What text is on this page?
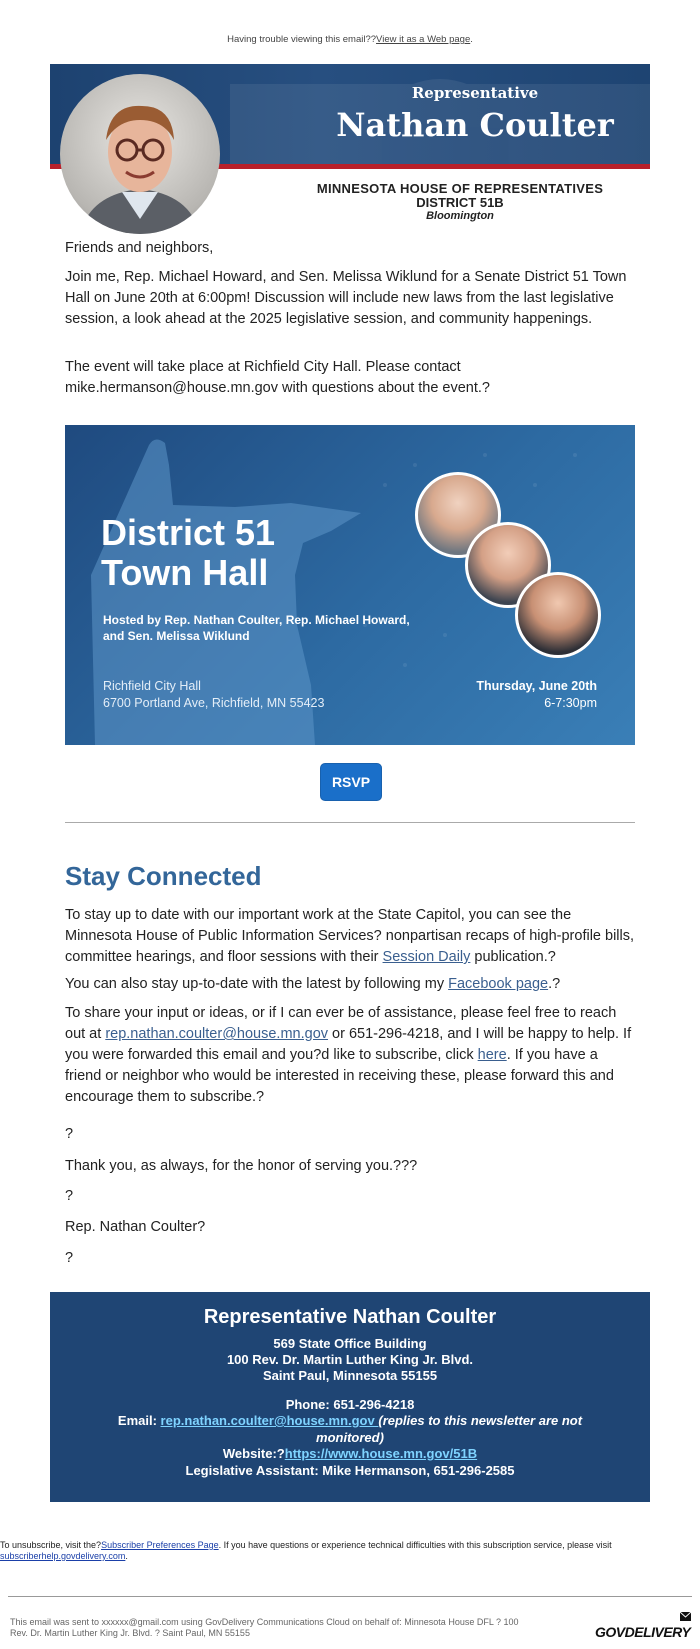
Having trouble viewing this email??View it as a Web page.
Representative
Nathan Coulter
MINNESOTA HOUSE OF REPRESENTATIVES
DISTRICT 51B
Bloomington

Friends and neighbors,

Join me, Rep. Michael Howard, and Sen. Melissa Wiklund for a Senate District 51 Town Hall on June 20th at 6:00pm! Discussion will include new laws from the last legislative session, a look ahead at the 2025 legislative session, and community happenings.

The event will take place at Richfield City Hall. Please contact mike.hermanson@house.mn.gov with questions about the event.?

District 51
Town Hall
Hosted by Rep. Nathan Coulter, Rep. Michael Howard,
and Sen. Melissa Wiklund
Richfield City Hall
6700 Portland Ave, Richfield, MN 55423
Thursday, June 20th
6-7:30pm
RSVP
Stay Connected

To stay up to date with our important work at the State Capitol, you can see the Minnesota House of Public Information Services? nonpartisan recaps of high-profile bills, committee hearings, and floor sessions with their Session Daily publication.?

You can also stay up-to-date with the latest by following my Facebook page.?

To share your input or ideas, or if I can ever be of assistance, please feel free to reach out at rep.nathan.coulter@house.mn.gov or 651-296-4218, and I will be happy to help. If you were forwarded this email and you?d like to subscribe, click here. If you have a friend or neighbor who would be interested in receiving these, please forward this and encourage them to subscribe.?

?
Thank you, as always, for the honor of serving you.???
?
Rep. Nathan Coulter?
?
Representative Nathan Coulter
569 State Office Building
100 Rev. Dr. Martin Luther King Jr. Blvd.
Saint Paul, Minnesota 55155
Phone: 651-296-4218
Email: rep.nathan.coulter@house.mn.gov (replies to this newsletter are not
monitored)
Website:?https://www.house.mn.gov/51B
Legislative Assistant: Mike Hermanson, 651-296-2585
To unsubscribe, visit the?Subscriber Preferences Page. If you have questions or experience technical difficulties with this subscription service, please visit subscriberhelp.govdelivery.com.
This email was sent to xxxxxx@gmail.com using GovDelivery Communications Cloud on behalf of: Minnesota House DFL ? 100
Rev. Dr. Martin Luther King Jr. Blvd. ? Saint Paul, MN 55155	GOVDELIVERY
